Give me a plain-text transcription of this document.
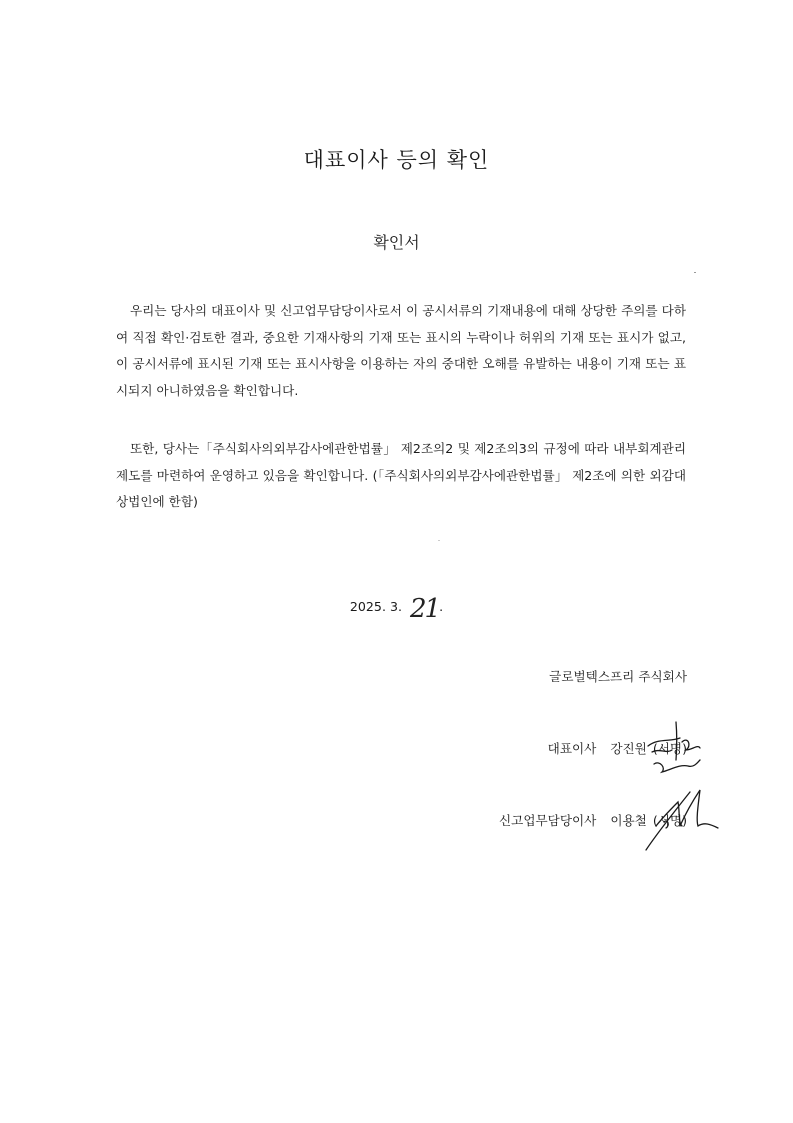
대표이사 등의 확인
확인서

우리는 당사의 대표이사 및 신고업무담당이사로서 이 공시서류의 기재내용에 대해 상당한 주의를 다하여 직접 확인·검토한 결과, 중요한 기재사항의 기재 또는 표시의 누락이나 허위의 기재 또는 표시가 없고, 이 공시서류에 표시된 기재 또는 표시사항을 이용하는 자의 중대한 오해를 유발하는 내용이 기재 또는 표시되지 아니하였음을 확인합니다.

또한, 당사는「주식회사의외부감사에관한법률」 제2조의2 및 제2조의3의 규정에 따라 내부회계관리제도를 마련하여 운영하고 있음을 확인합니다. (「주식회사의외부감사에관한법률」 제2조에 의한 외감대상법인에 한함)

2025. 3. 21.
글로벌텍스프리 주식회사
대표이사 강진원 (서명)
신고업무담당이사 이용철 (서명)
